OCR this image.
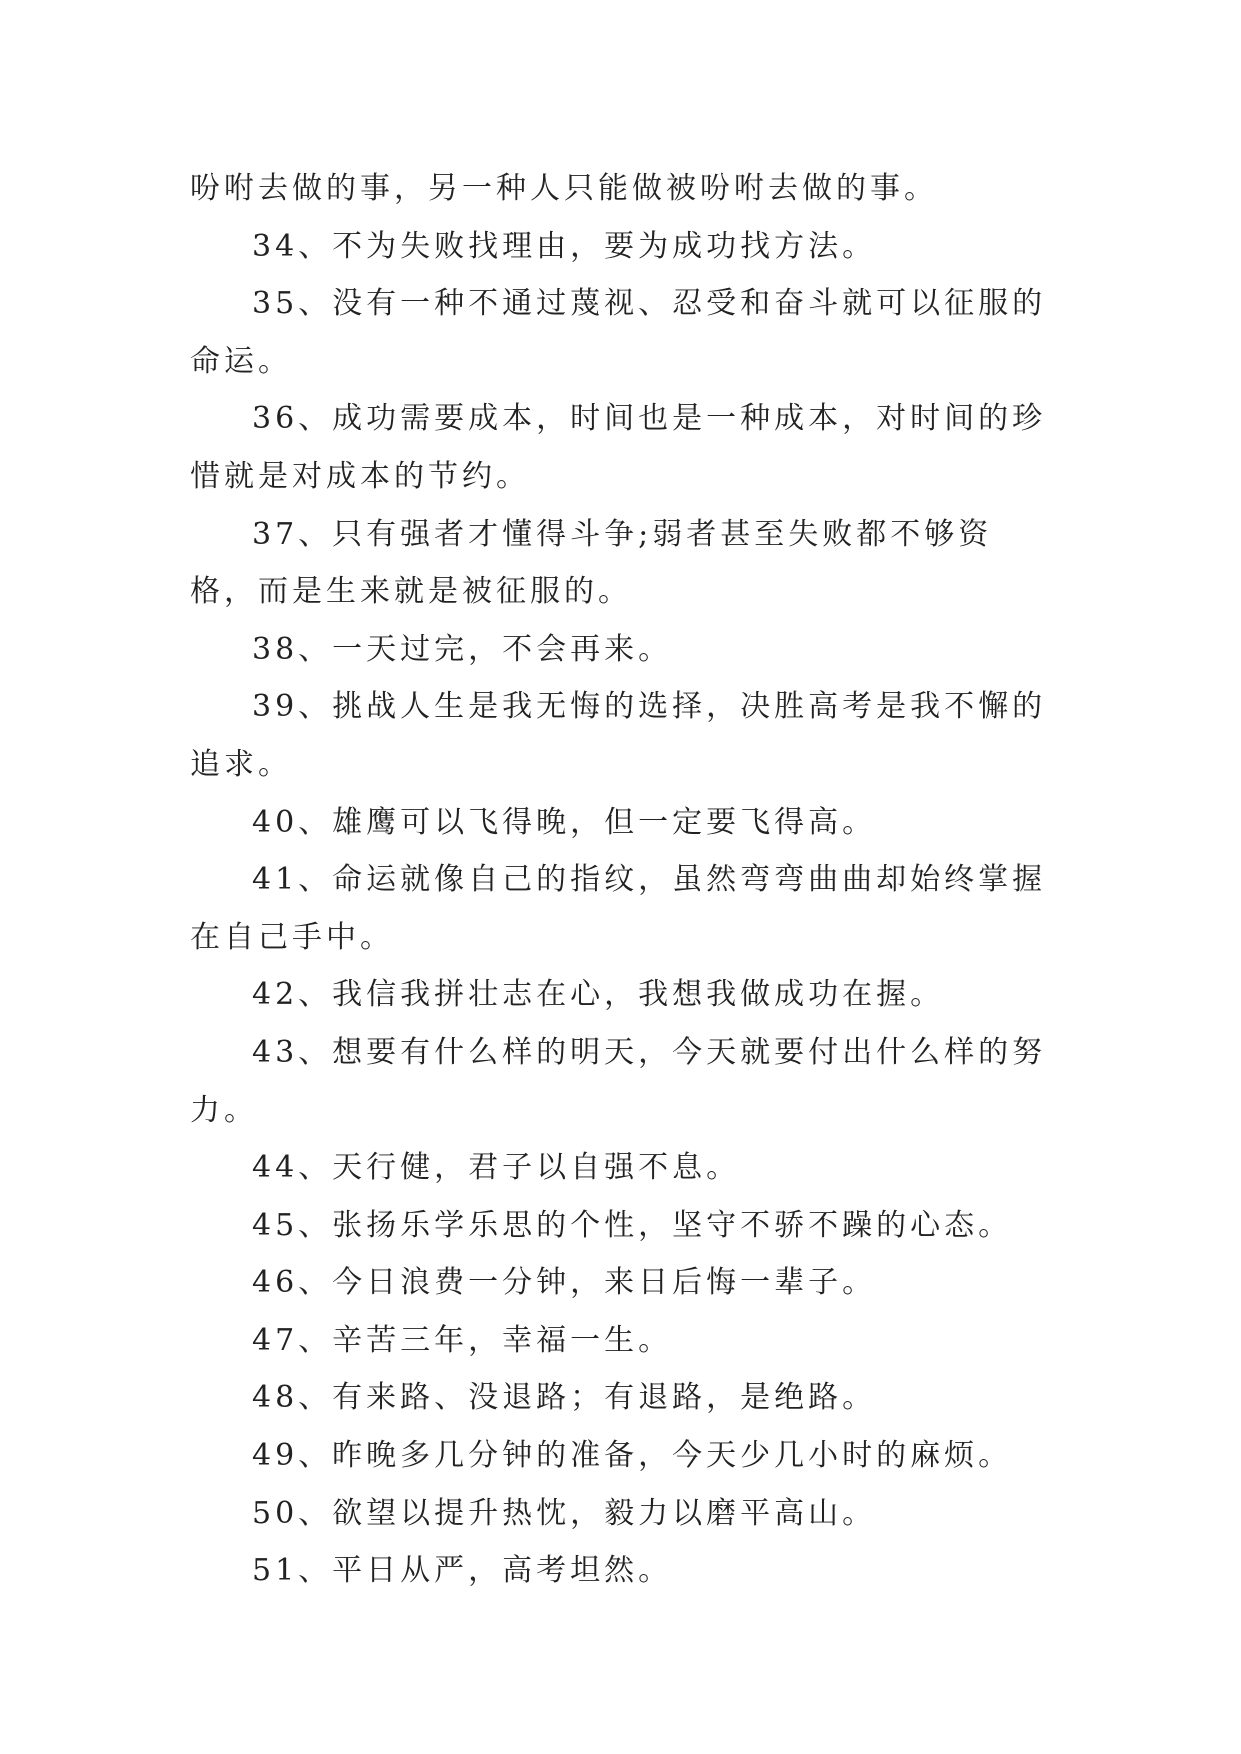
吩咐去做的事，另一种人只能做被吩咐去做的事。

34、不为失败找理由，要为成功找方法。

35、没有一种不通过蔑视、忍受和奋斗就可以征服的命运。

36、成功需要成本，时间也是一种成本，对时间的珍惜就是对成本的节约。

37、只有强者才懂得斗争;弱者甚至失败都不够资格，而是生来就是被征服的。

38、一天过完，不会再来。

39、挑战人生是我无悔的选择，决胜高考是我不懈的追求。

40、雄鹰可以飞得晚，但一定要飞得高。

41、命运就像自己的指纹，虽然弯弯曲曲却始终掌握在自己手中。

42、我信我拼壮志在心，我想我做成功在握。

43、想要有什么样的明天，今天就要付出什么样的努力。

44、天行健，君子以自强不息。

45、张扬乐学乐思的个性，坚守不骄不躁的心态。

46、今日浪费一分钟，来日后悔一辈子。

47、辛苦三年，幸福一生。

48、有来路、没退路；有退路，是绝路。

49、昨晚多几分钟的准备，今天少几小时的麻烦。

50、欲望以提升热忱，毅力以磨平高山。

51、平日从严，高考坦然。
